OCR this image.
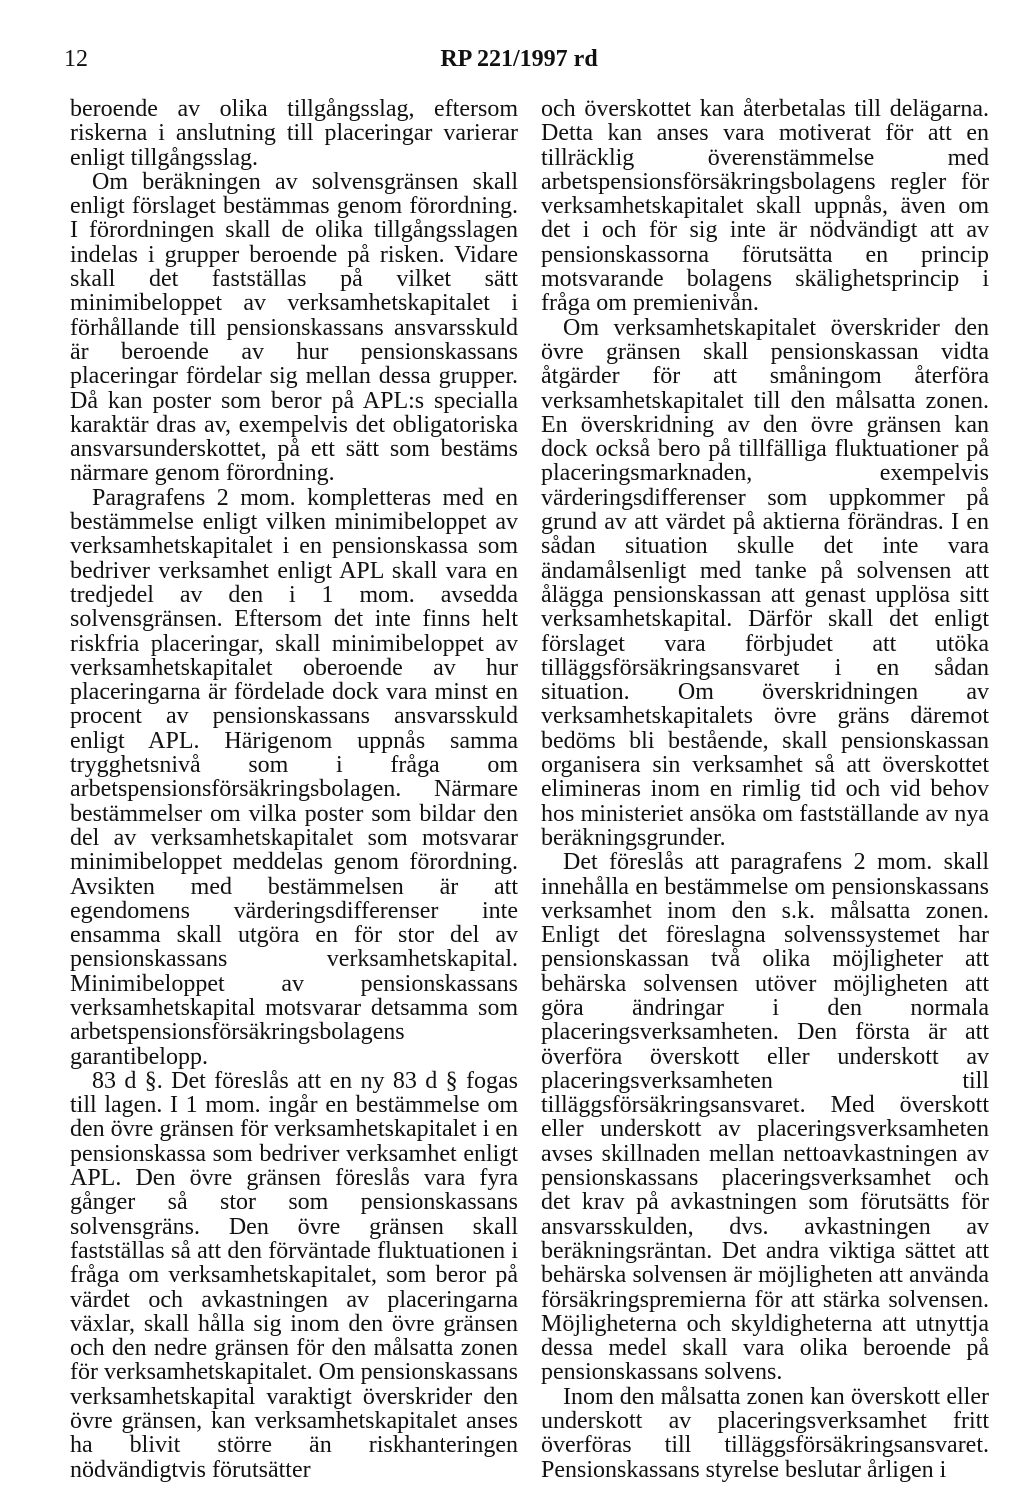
12	RP 221/1997 rd

beroende av olika tillgångsslag, eftersom riskerna i anslutning till placeringar varierar enligt tillgångsslag.

Om beräkningen av solvensgränsen skall enligt förslaget bestämmas genom förordning. I förordningen skall de olika tillgångsslagen indelas i grupper beroende på risken. Vidare skall det fastställas på vilket sätt minimibeloppet av verksamhetskapitalet i förhållande till pensionskassans ansvarsskuld är beroende av hur pensionskassans placeringar fördelar sig mellan dessa grupper. Då kan poster som beror på APL:s specialla karaktär dras av, exempelvis det obligatoriska ansvarsunderskottet, på ett sätt som bestäms närmare genom förordning.

Paragrafens 2 mom. kompletteras med en bestämmelse enligt vilken minimibeloppet av verksamhetskapitalet i en pensionskassa som bedriver verksamhet enligt APL skall vara en tredjedel av den i 1 mom. avsedda solvensgränsen. Eftersom det inte finns helt riskfria placeringar, skall minimibeloppet av verksamhetskapitalet oberoende av hur placeringarna är fördelade dock vara minst en procent av pensionskassans ansvarsskuld enligt APL. Härigenom uppnås samma trygghetsnivå som i fråga om arbetspensionsförsäkringsbolagen. Närmare bestämmelser om vilka poster som bildar den del av verksamhetskapitalet som motsvarar minimibeloppet meddelas genom förordning. Avsikten med bestämmelsen är att egendomens värderingsdifferenser inte ensamma skall utgöra en för stor del av pensionskassans verksamhetskapital. Minimibeloppet av pensionskassans verksamhetskapital motsvarar detsamma som arbetspensionsförsäkringsbolagens garantibelopp.

83 d §. Det föreslås att en ny 83 d § fogas till lagen. I 1 mom. ingår en bestämmelse om den övre gränsen för verksamhetskapitalet i en pensionskassa som bedriver verksamhet enligt APL. Den övre gränsen föreslås vara fyra gånger så stor som pensionskassans solvensgräns. Den övre gränsen skall fastställas så att den förväntade fluktuationen i fråga om verksamhetskapitalet, som beror på värdet och avkastningen av placeringarna växlar, skall hålla sig inom den övre gränsen och den nedre gränsen för den målsatta zonen för verksamhetskapitalet. Om pensionskassans verksamhetskapital varaktigt överskrider den övre gränsen, kan verksamhetskapitalet anses ha blivit större än riskhanteringen nödvändigtvis förutsätter

och överskottet kan återbetalas till delägarna. Detta kan anses vara motiverat för att en tillräcklig överenstämmelse med arbetspensionsförsäkringsbolagens regler för verksamhetskapitalet skall uppnås, även om det i och för sig inte är nödvändigt att av pensionskassorna förutsätta en princip motsvarande bolagens skälighetsprincip i fråga om premienivån.

Om verksamhetskapitalet överskrider den övre gränsen skall pensionskassan vidta åtgärder för att småningom återföra verksamhetskapitalet till den målsatta zonen. En överskridning av den övre gränsen kan dock också bero på tillfälliga fluktuationer på placeringsmarknaden, exempelvis värderingsdifferenser som uppkommer på grund av att värdet på aktierna förändras. I en sådan situation skulle det inte vara ändamålsenligt med tanke på solvensen att ålägga pensionskassan att genast upplösa sitt verksamhetskapital. Därför skall det enligt förslaget vara förbjudet att utöka tilläggsförsäkringsansvaret i en sådan situation. Om överskridningen av verksamhetskapitalets övre gräns däremot bedöms bli bestående, skall pensionskassan organisera sin verksamhet så att överskottet elimineras inom en rimlig tid och vid behov hos ministeriet ansöka om fastställande av nya beräkningsgrunder.

Det föreslås att paragrafens 2 mom. skall innehålla en bestämmelse om pensionskassans verksamhet inom den s.k. målsatta zonen. Enligt det föreslagna solvenssystemet har pensionskassan två olika möjligheter att behärska solvensen utöver möjligheten att göra ändringar i den normala placeringsverksamheten. Den första är att överföra överskott eller underskott av placeringsverksamheten till tilläggsförsäkringsansvaret. Med överskott eller underskott av placeringsverksamheten avses skillnaden mellan nettoavkastningen av pensionskassans placeringsverksamhet och det krav på avkastningen som förutsätts för ansvarsskulden, dvs. avkastningen av beräkningsräntan. Det andra viktiga sättet att behärska solvensen är möjligheten att använda försäkringspremierna för att stärka solvensen. Möjligheterna och skyldigheterna att utnyttja dessa medel skall vara olika beroende på pensionskassans solvens.

Inom den målsatta zonen kan överskott eller underskott av placeringsverksamhet fritt överföras till tilläggsförsäkringsansvaret. Pensionskassans styrelse beslutar årligen i
